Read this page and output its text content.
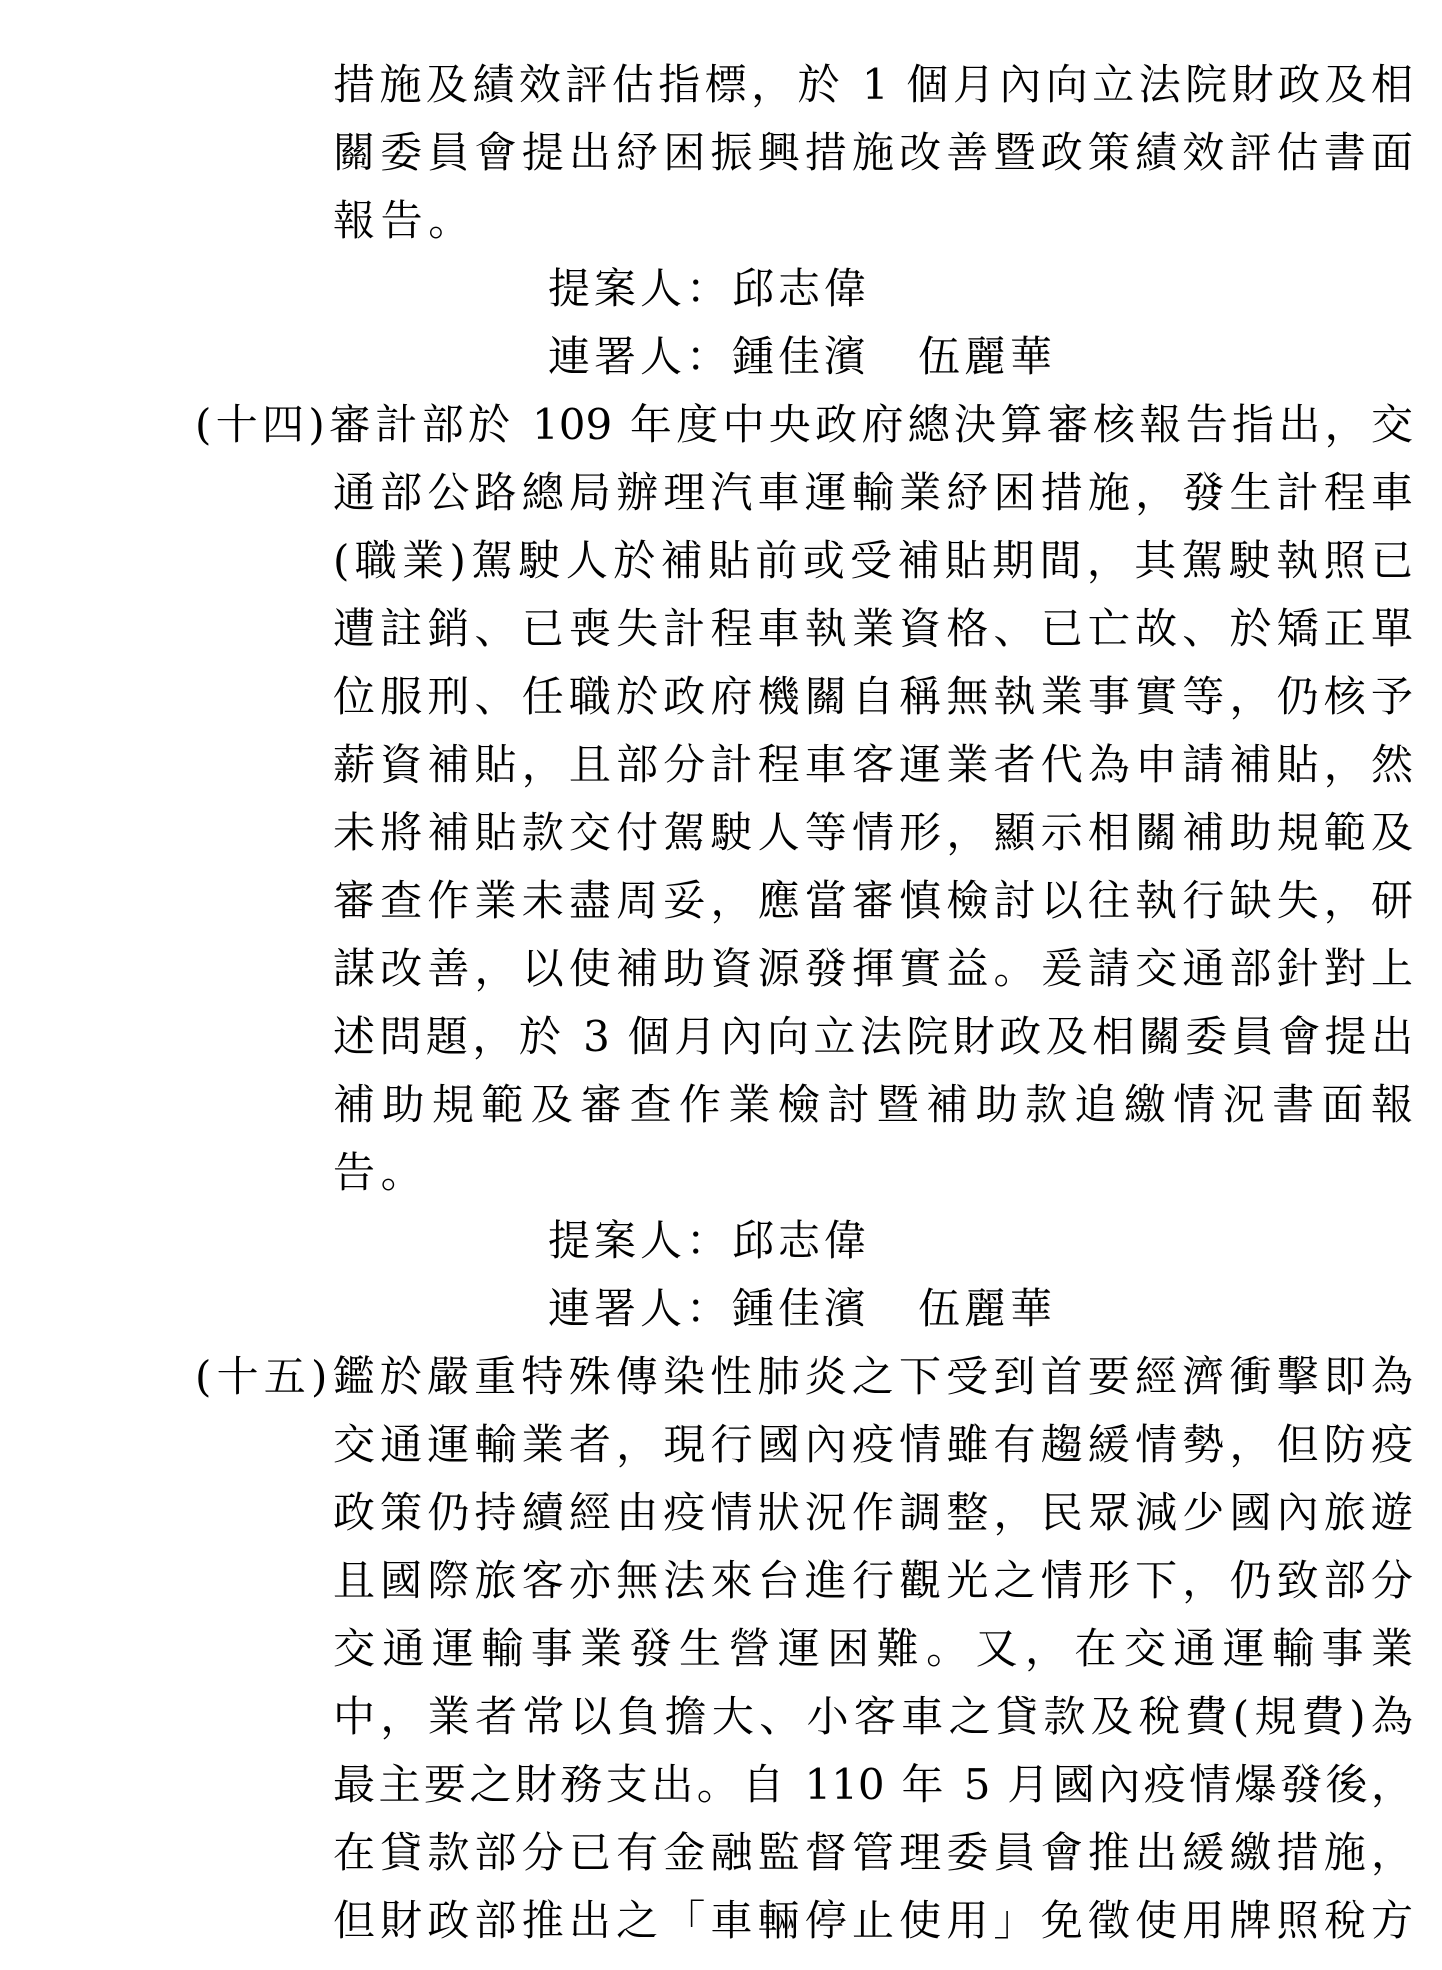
措施及績效評估指標，於 1 個月內向立法院財政及相
關委員會提出紓困振興措施改善暨政策績效評估書面
報告。
提案人：邱志偉
連署人：鍾佳濱 伍麗華
(十四)審計部於 109 年度中央政府總決算審核報告指出，交
通部公路總局辦理汽車運輸業紓困措施，發生計程車
(職業)駕駛人於補貼前或受補貼期間，其駕駛執照已
遭註銷、已喪失計程車執業資格、已亡故、於矯正單
位服刑、任職於政府機關自稱無執業事實等，仍核予
薪資補貼，且部分計程車客運業者代為申請補貼，然
未將補貼款交付駕駛人等情形，顯示相關補助規範及
審查作業未盡周妥，應當審慎檢討以往執行缺失，研
謀改善，以使補助資源發揮實益。爰請交通部針對上
述問題，於 3 個月內向立法院財政及相關委員會提出
補助規範及審查作業檢討暨補助款追繳情況書面報
告。
提案人：邱志偉
連署人：鍾佳濱 伍麗華
(十五)鑑於嚴重特殊傳染性肺炎之下受到首要經濟衝擊即為
交通運輸業者，現行國內疫情雖有趨緩情勢，但防疫
政策仍持續經由疫情狀況作調整，民眾減少國內旅遊
且國際旅客亦無法來台進行觀光之情形下，仍致部分
交通運輸事業發生營運困難。又，在交通運輸事業
中，業者常以負擔大、小客車之貸款及稅費(規費)為
最主要之財務支出。自 110 年 5 月國內疫情爆發後，
在貸款部分已有金融監督管理委員會推出緩繳措施，
但財政部推出之「車輛停止使用」免徵使用牌照稅方
